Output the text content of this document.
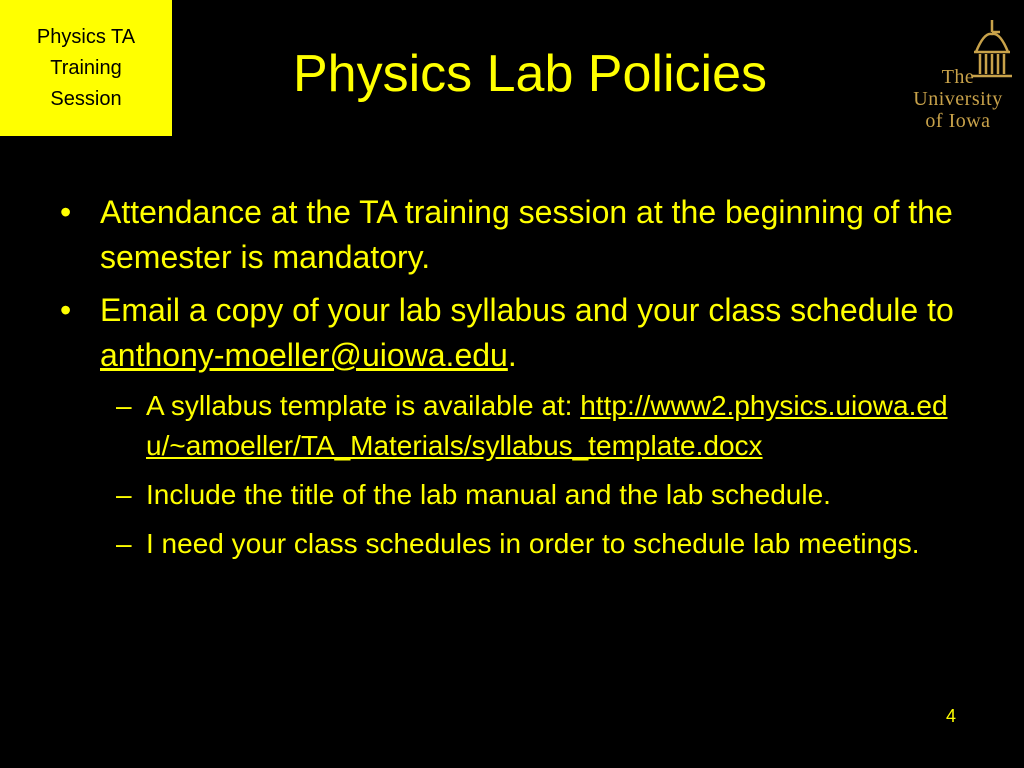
Physics TA
Training
Session	Physics Lab Policies	The
University
of Iowa
• Attendance at the TA training session at the beginning of the semester is mandatory.
• Email a copy of your lab syllabus and your class schedule to anthony-moeller@uiowa.edu.
– A syllabus template is available at: http://www2.physics.uiowa.edu/~amoeller/TA_Materials/syllabus_template.docx
– Include the title of the lab manual and the lab schedule.
– I need your class schedules in order to schedule lab meetings.
4
